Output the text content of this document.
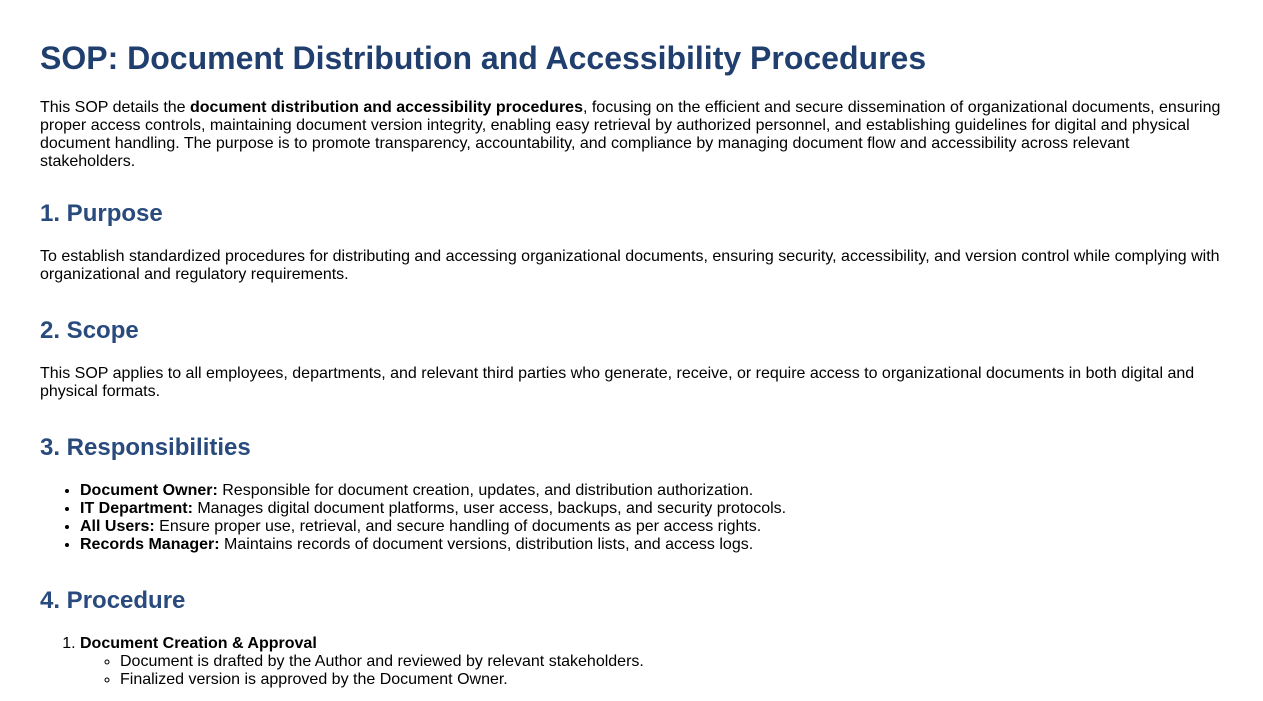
SOP: Document Distribution and Accessibility Procedures

This SOP details the document distribution and accessibility procedures, focusing on the efficient and secure dissemination of organizational documents, ensuring proper access controls, maintaining document version integrity, enabling easy retrieval by authorized personnel, and establishing guidelines for digital and physical document handling. The purpose is to promote transparency, accountability, and compliance by managing document flow and accessibility across relevant stakeholders.

1. Purpose

To establish standardized procedures for distributing and accessing organizational documents, ensuring security, accessibility, and version control while complying with organizational and regulatory requirements.

2. Scope

This SOP applies to all employees, departments, and relevant third parties who generate, receive, or require access to organizational documents in both digital and physical formats.

3. Responsibilities
• Document Owner: Responsible for document creation, updates, and distribution authorization.
• IT Department: Manages digital document platforms, user access, backups, and security protocols.
• All Users: Ensure proper use, retrieval, and secure handling of documents as per access rights.
• Records Manager: Maintains records of document versions, distribution lists, and access logs.
4. Procedure
1. Document Creation & Approval
◦ Document is drafted by the Author and reviewed by relevant stakeholders.
◦ Finalized version is approved by the Document Owner.
